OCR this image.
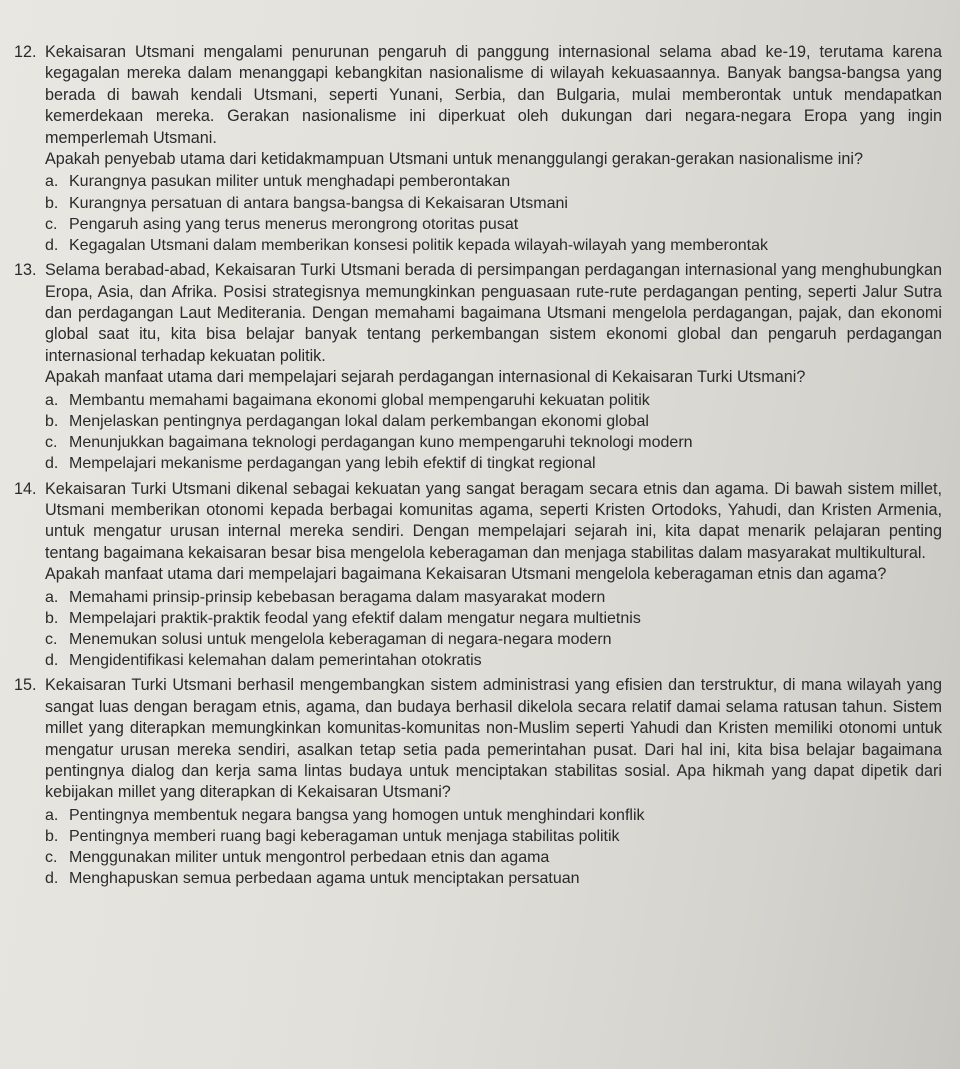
12. Kekaisaran Utsmani mengalami penurunan pengaruh di panggung internasional selama abad ke-19, terutama karena kegagalan mereka dalam menanggapi kebangkitan nasionalisme di wilayah kekuasaannya. Banyak bangsa-bangsa yang berada di bawah kendali Utsmani, seperti Yunani, Serbia, dan Bulgaria, mulai memberontak untuk mendapatkan kemerdekaan mereka. Gerakan nasionalisme ini diperkuat oleh dukungan dari negara-negara Eropa yang ingin memperlemah Utsmani.

Apakah penyebab utama dari ketidakmampuan Utsmani untuk menanggulangi gerakan-gerakan nasionalisme ini?

a. Kurangnya pasukan militer untuk menghadapi pemberontakan
b. Kurangnya persatuan di antara bangsa-bangsa di Kekaisaran Utsmani
c. Pengaruh asing yang terus menerus merongrong otoritas pusat
d. Kegagalan Utsmani dalam memberikan konsesi politik kepada wilayah-wilayah yang memberontak
13. Selama berabad-abad, Kekaisaran Turki Utsmani berada di persimpangan perdagangan internasional yang menghubungkan Eropa, Asia, dan Afrika. Posisi strategisnya memungkinkan penguasaan rute-rute perdagangan penting, seperti Jalur Sutra dan perdagangan Laut Mediterania. Dengan memahami bagaimana Utsmani mengelola perdagangan, pajak, dan ekonomi global saat itu, kita bisa belajar banyak tentang perkembangan sistem ekonomi global dan pengaruh perdagangan internasional terhadap kekuatan politik.

Apakah manfaat utama dari mempelajari sejarah perdagangan internasional di Kekaisaran Turki Utsmani?

a. Membantu memahami bagaimana ekonomi global mempengaruhi kekuatan politik
b. Menjelaskan pentingnya perdagangan lokal dalam perkembangan ekonomi global
c. Menunjukkan bagaimana teknologi perdagangan kuno mempengaruhi teknologi modern
d. Mempelajari mekanisme perdagangan yang lebih efektif di tingkat regional
14. Kekaisaran Turki Utsmani dikenal sebagai kekuatan yang sangat beragam secara etnis dan agama. Di bawah sistem millet, Utsmani memberikan otonomi kepada berbagai komunitas agama, seperti Kristen Ortodoks, Yahudi, dan Kristen Armenia, untuk mengatur urusan internal mereka sendiri. Dengan mempelajari sejarah ini, kita dapat menarik pelajaran penting tentang bagaimana kekaisaran besar bisa mengelola keberagaman dan menjaga stabilitas dalam masyarakat multikultural.

Apakah manfaat utama dari mempelajari bagaimana Kekaisaran Utsmani mengelola keberagaman etnis dan agama?

a. Memahami prinsip-prinsip kebebasan beragama dalam masyarakat modern
b. Mempelajari praktik-praktik feodal yang efektif dalam mengatur negara multietnis
c. Menemukan solusi untuk mengelola keberagaman di negara-negara modern
d. Mengidentifikasi kelemahan dalam pemerintahan otokratis
15. Kekaisaran Turki Utsmani berhasil mengembangkan sistem administrasi yang efisien dan terstruktur, di mana wilayah yang sangat luas dengan beragam etnis, agama, dan budaya berhasil dikelola secara relatif damai selama ratusan tahun. Sistem millet yang diterapkan memungkinkan komunitas-komunitas non-Muslim seperti Yahudi dan Kristen memiliki otonomi untuk mengatur urusan mereka sendiri, asalkan tetap setia pada pemerintahan pusat. Dari hal ini, kita bisa belajar bagaimana pentingnya dialog dan kerja sama lintas budaya untuk menciptakan stabilitas sosial. Apa hikmah yang dapat dipetik dari kebijakan millet yang diterapkan di Kekaisaran Utsmani?

a. Pentingnya membentuk negara bangsa yang homogen untuk menghindari konflik
b. Pentingnya memberi ruang bagi keberagaman untuk menjaga stabilitas politik
c. Menggunakan militer untuk mengontrol perbedaan etnis dan agama
d. Menghapuskan semua perbedaan agama untuk menciptakan persatuan
